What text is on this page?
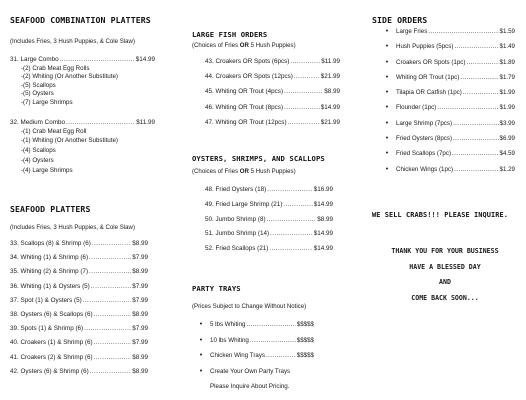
SEAFOOD COMBINATION PLATTERS
(Includes Fries, 3 Hush Puppies, & Cole Slaw)
31. Large Combo .....	$14.99
-(2) Crab Meat Egg Rolls
-(2) Whiting (Or Another Substitute)
-(5) Scallops
-(5) Oysters
-(7) Large Shrimps
32. Medium Combo .....	$11.99
-(1) Crab Meat Egg Roll
-(1) Whiting (Or Another Substitute)
-(4) Scallops
-(4) Oysters
-(4) Large Shrimps
SEAFOOD PLATTERS
(Includes Fries, 3 Hush Puppies, & Cole Slaw)
33. Scallops (8) & Shrimp (6) .....	$8.99
34. Whiting (1) & Shrimp (6) .....	$7.99
35. Whiting (2) & Shrimp (7) .....	$8.99
36. Whiting (1) & Oysters (5) .....	$7.99
37. Spot (1) & Oysters (5) .....	$7.99
38. Oysters (6) & Scallops (6) .....	$8.99
39. Spots (1) & Shrimp (6) .....	$7.99
40. Croakers (1) & Shrimp (6) .....	$7.99
41. Croakers (2) & Shrimp (6) .....	$8.99
42. Oysters (6) & Shrimp (6) .....	$8.99
LARGE FISH ORDERS
(Choices of Fries OR 5 Hush Puppies)
43. Croakers OR Spots (6pcs) .....	$11.99
44. Croakers OR Spots (12pcs) .....	$21.99
45. Whiting OR Trout (4pcs) .....	$8.99
46. Whiting OR Trout (8pcs) .....	$14.99
47. Whiting OR Trout (12pcs) .....	$21.99
OYSTERS, SHRIMPS, AND SCALLOPS
(Choices of Fries OR 5 Hush Puppies)
48. Fried Oysters (18) .....	$16.99
49. Fried Large Shrimp (21) .....	$14.99
50. Jumbo Shrimp (8) .....	$8.99
51. Jumbo Shrimp (14) .....	$14.99
52. Fried Scallops (21) .....	$14.99
PARTY TRAYS
(Prices Subject to Change Without Notice)
•	5 lbs Whiting .....	$$$$$
•	10 lbs Whiting .....	$$$$$
•	Chicken Wing Trays .....	$$$$$
•	Create Your Own Party Trays
Please Inquire About Pricing.
SIDE ORDERS
•	Large Fries .....	$1.59
•	Hush Puppies (5pcs) .....	$1.49
•	Croakers OR Spots (1pc) .....	$1.89
•	Whiting OR Trout (1pc) .....	$1.79
•	Tilapia OR Catfish (1pc) .....	$1.99
•	Flounder (1pc) .....	$1.99
•	Large Shrimp (7pcs) .....	$3.99
•	Fried Oysters (8pcs) .....	$6.99
•	Fried Scallops (7pc) .....	$4.59
•	Chicken Wings (1pc) .....	$1.29
WE SELL CRABS!!! PLEASE INQUIRE.
THANK YOU FOR YOUR BUSINESS
HAVE A BLESSED DAY
AND
COME BACK SOON...
